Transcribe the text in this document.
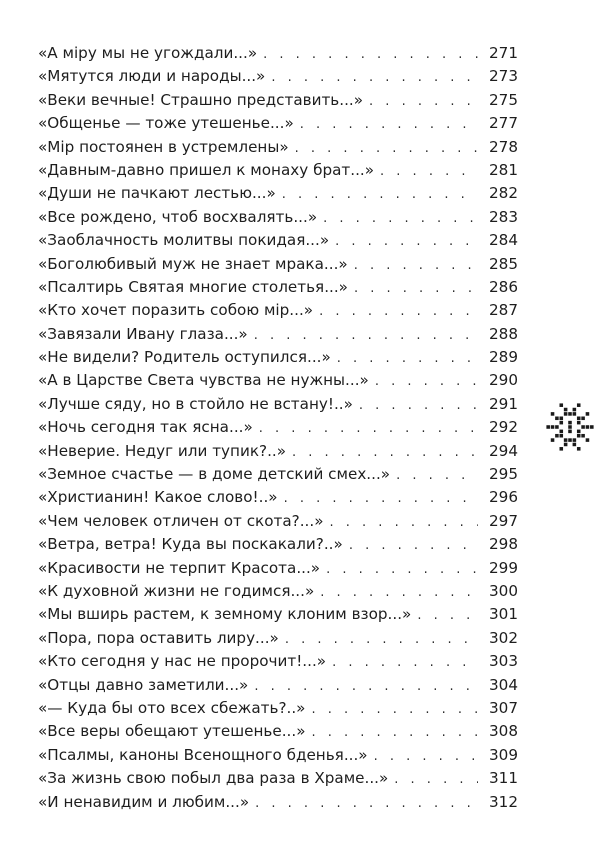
«А міру мы не угождали...» . . .	271
«Мятутся люди и народы...» . . .	273
«Веки вечные! Страшно представить...» . . .	275
«Общенье — тоже утешенье...» . . .	277
«Мір постоянен в устремлены» . . .	278
«Давным-давно пришел к монаху брат...» . . .	281
«Души не пачкают лестью...» . . .	282
«Все рождено, чтоб восхвалять...» . . .	283
«Заоблачность молитвы покидая...» . . .	284
«Боголюбивый муж не знает мрака...» . . .	285
«Псалтирь Святая многие столетья...» . . .	286
«Кто хочет поразить собою мір...» . . .	287
«Завязали Ивану глаза...» . . .	288
«Не видели? Родитель оступился...» . . .	289
«А в Царстве Света чувства не нужны...» . . .	290
«Лучше сяду, но в стойло не встану!..» . . .	291
«Ночь сегодня так ясна...» . . .	292
«Неверие. Недуг или тупик?..» . . .	294
«Земное счастье — в доме детский смех...» . . .	295
«Христианин! Какое слово!..» . . .	296
«Чем человек отличен от скота?...» . . .	297
«Ветра, ветра! Куда вы поскакали?..» . . .	298
«Красивости не терпит Красота...» . . .	299
«К духовной жизни не годимся...» . . .	300
«Мы вширь растем, к земному клоним взор...» . . .	301
«Пора, пора оставить лиру...» . . .	302
«Кто сегодня у нас не пророчит!...» . . .	303
«Отцы давно заметили...» . . .	304
«— Куда бы ото всех сбежать?..» . . .	307
«Все веры обещают утешенье...» . . .	308
«Псалмы, каноны Всенощного бденья...» . . .	309
«За жизнь свою побыл два раза в Храме...» . . .	311
«И ненавидим и любим...» . . .	312
